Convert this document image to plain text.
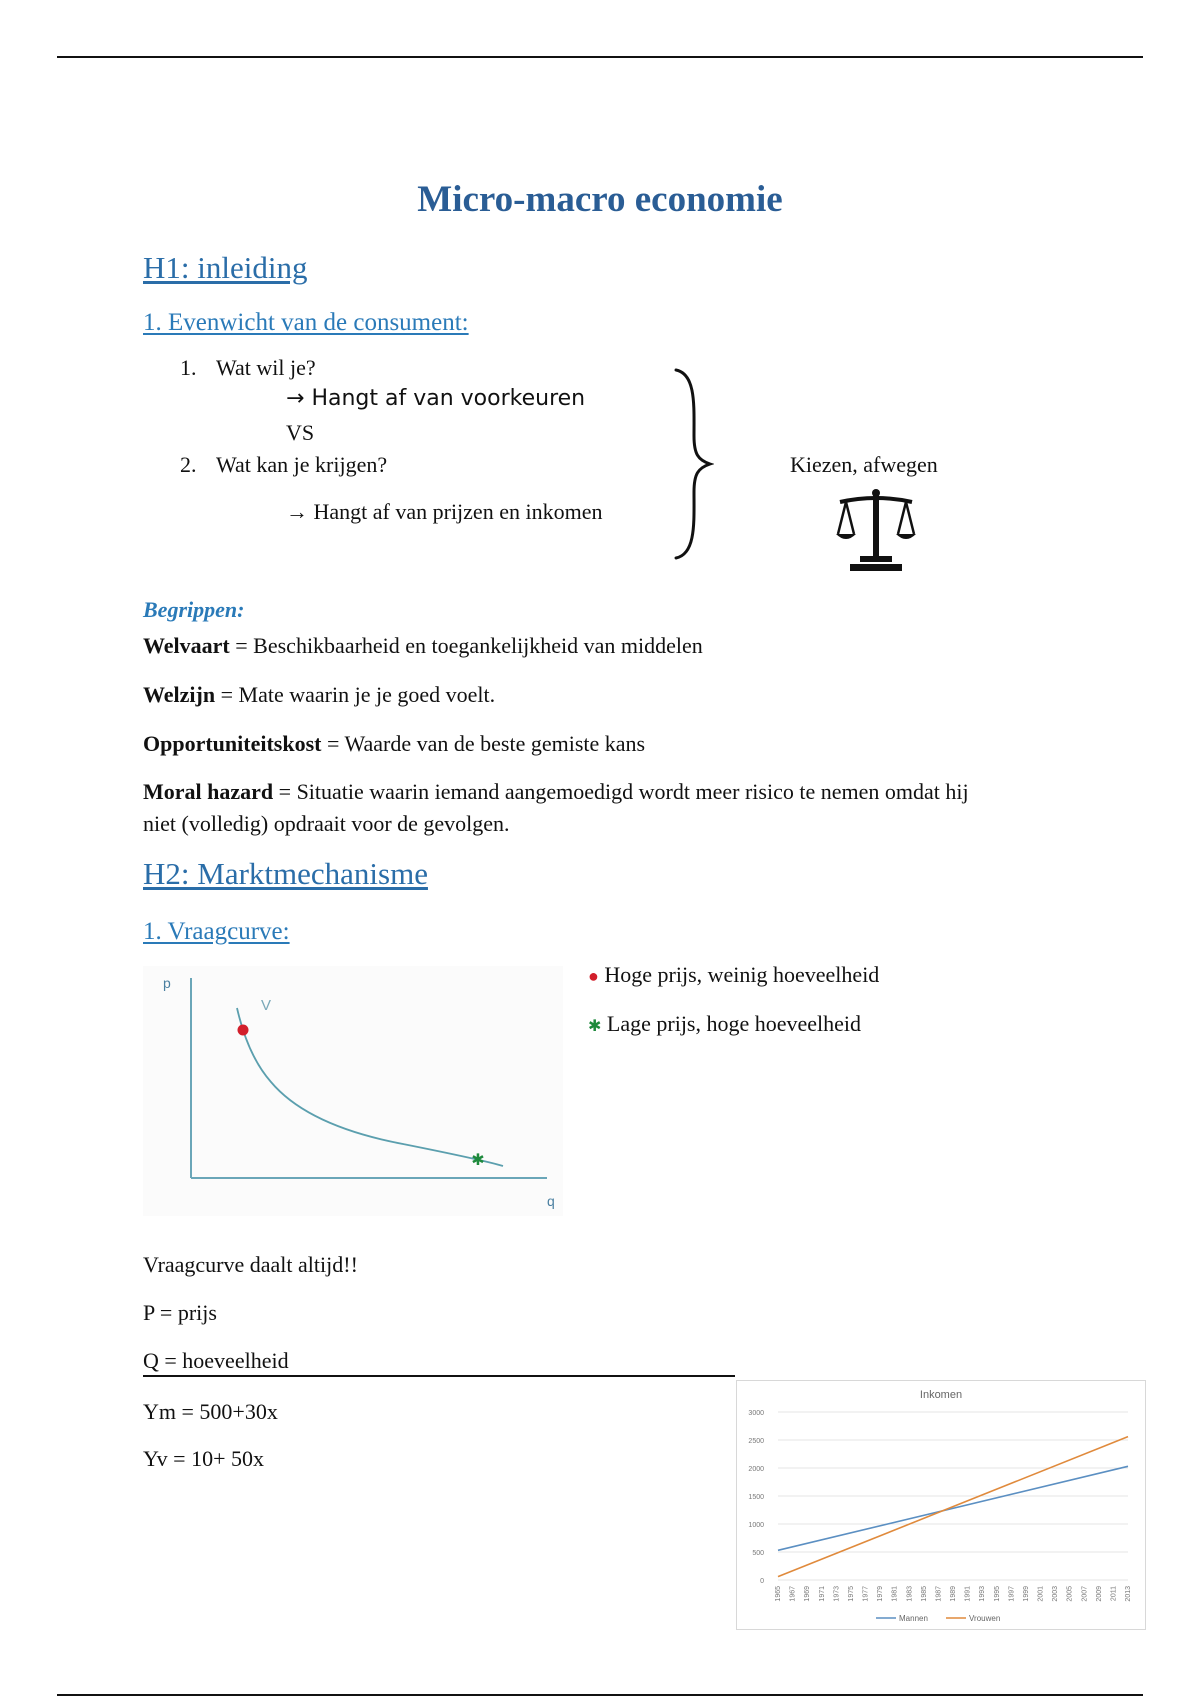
Micro-macro economie
H1: inleiding
1. Evenwicht van de consument:
1. Wat wil je?
→ Hangt af van voorkeuren
VS
2. Wat kan je krijgen?
→ Hangt af van prijzen en inkomen
Kiezen, afwegen
Begrippen:
Welvaart = Beschikbaarheid en toegankelijkheid van middelen
Welzijn = Mate waarin je je goed voelt.
Opportuniteitskost = Waarde van de beste gemiste kans
Moral hazard = Situatie waarin iemand aangemoedigd wordt meer risico te nemen omdat hij
niet (volledig) opdraait voor de gevolgen.
H2: Marktmechanisme
1. Vraagcurve:
p
q
V
✱
● Hoge prijs, weinig hoeveelheid
✱ Lage prijs, hoge hoeveelheid
Vraagcurve daalt altijd!!
P = prijs
Q = hoeveelheid
Ym = 500+30x
Yv = 10+ 50x
Inkomen
0
500
1000
1500
2000
2500
3000
1965 1967 1969 1971 1973 1975 1977 1979 1981 1983 1985 1987 1989 1991 1993 1995 1997 1999 2001 2003 2005 2007 2009 2011 2013
Mannen	Vrouwen
